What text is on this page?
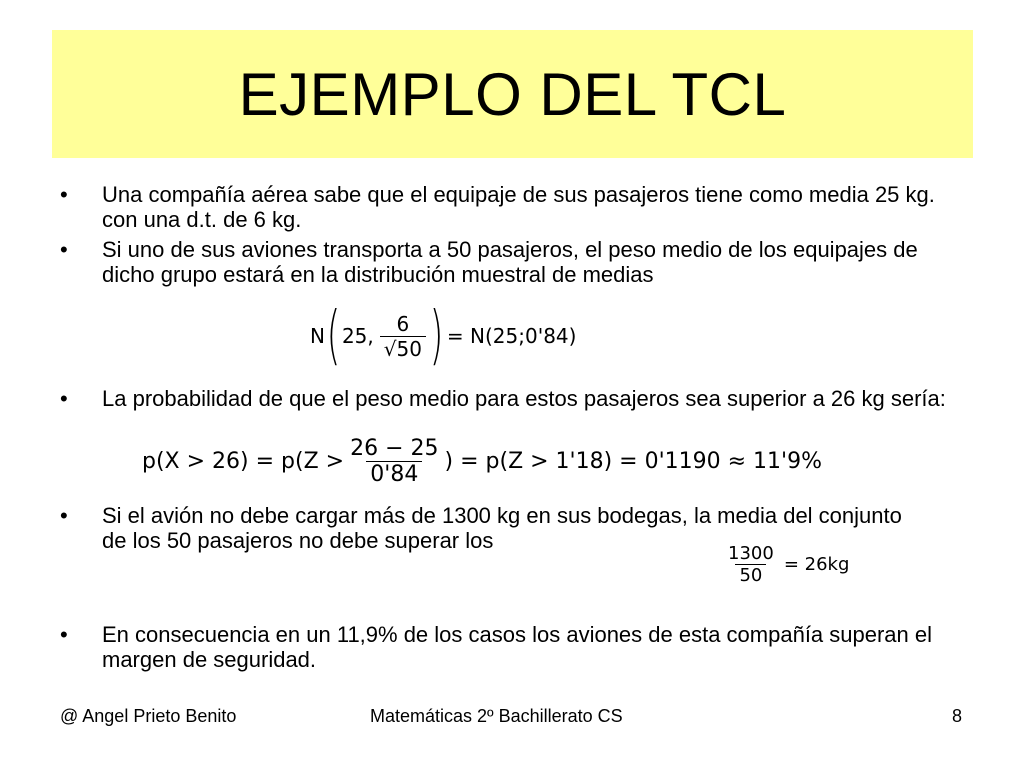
EJEMPLO DEL TCL
• Una compañía aérea sabe que el equipaje de sus pasajeros tiene como media 25 kg. con una d.t. de 6 kg.
• Si uno de sus aviones transporta a 50 pasajeros, el peso medio de los equipajes de dicho grupo estará en la distribución muestral de medias
N ( 25, $\frac{6}{√50}$ ) = N(25;0'84)
• La probabilidad de que el peso medio para estos pasajeros sea superior a 26 kg sería:
$p(X > 26) = p(Z > \frac{26 - 25}{0'84}$ ) = p(Z > 1'18) = 0'1190 ≈ 11'9%
• Si el avión no debe cargar más de 1300 kg en sus bodegas, la media del conjunto de los 50 pasajeros no debe superar los
$\frac{1300}{50} = 26kg$
• En consecuencia en un 11,9% de los casos los aviones de esta compañía superan el margen de seguridad.
@ Angel Prieto Benito	Matemáticas 2º Bachillerato CS	8
